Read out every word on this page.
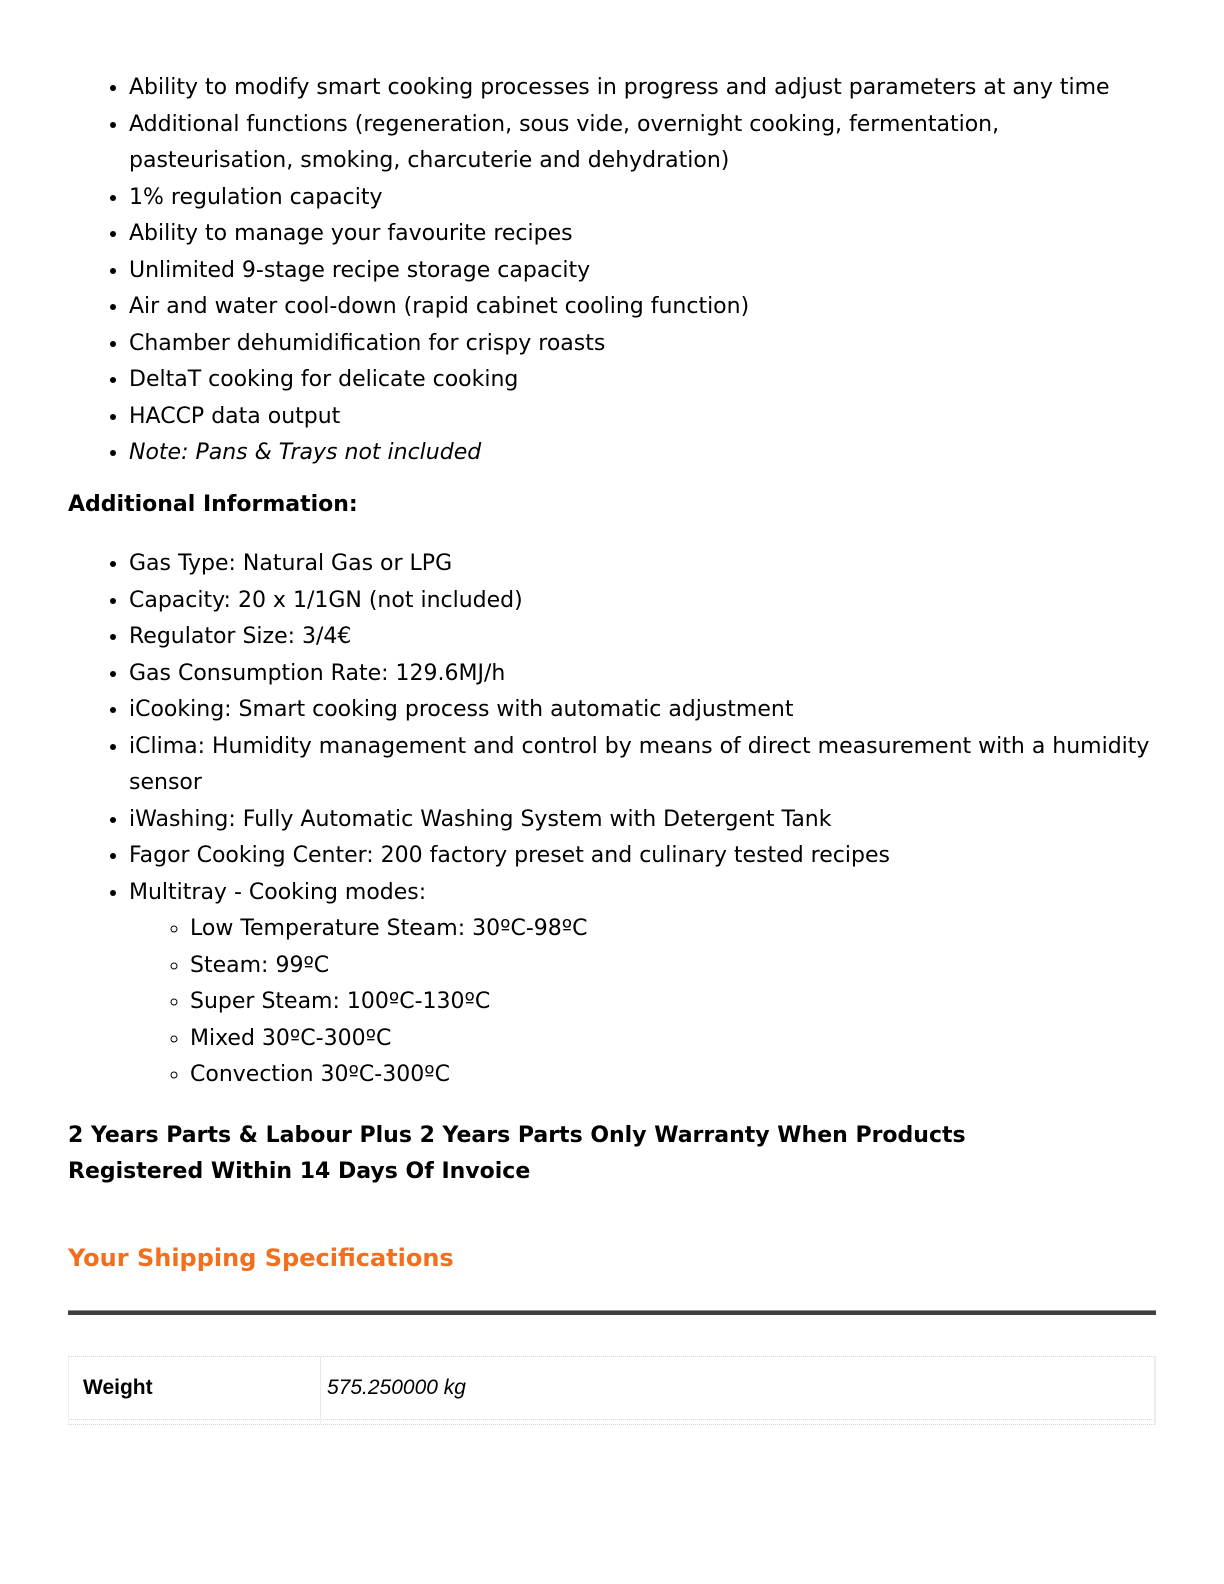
• Ability to modify smart cooking processes in progress and adjust parameters at any time
• Additional functions (regeneration, sous vide, overnight cooking, fermentation, pasteurisation, smoking, charcuterie and dehydration)
• 1% regulation capacity
• Ability to manage your favourite recipes
• Unlimited 9-stage recipe storage capacity
• Air and water cool-down (rapid cabinet cooling function)
• Chamber dehumidification for crispy roasts
• DeltaT cooking for delicate cooking
• HACCP data output
• Note: Pans & Trays not included
Additional Information:
• Gas Type: Natural Gas or LPG
• Capacity: 20 x 1/1GN (not included)
• Regulator Size: 3/4€
• Gas Consumption Rate: 129.6MJ/h
• iCooking: Smart cooking process with automatic adjustment
• iClima: Humidity management and control by means of direct measurement with a humidity sensor
• iWashing: Fully Automatic Washing System with Detergent Tank
• Fagor Cooking Center: 200 factory preset and culinary tested recipes
• Multitray - Cooking modes:
◦ Low Temperature Steam: 30ºC-98ºC
◦ Steam: 99ºC
◦ Super Steam: 100ºC-130ºC
◦ Mixed 30ºC-300ºC
◦ Convection 30ºC-300ºC

2 Years Parts & Labour Plus 2 Years Parts Only Warranty When Products Registered Within 14 Days Of Invoice

Your Shipping Specifications
Weight	575.250000 kg
